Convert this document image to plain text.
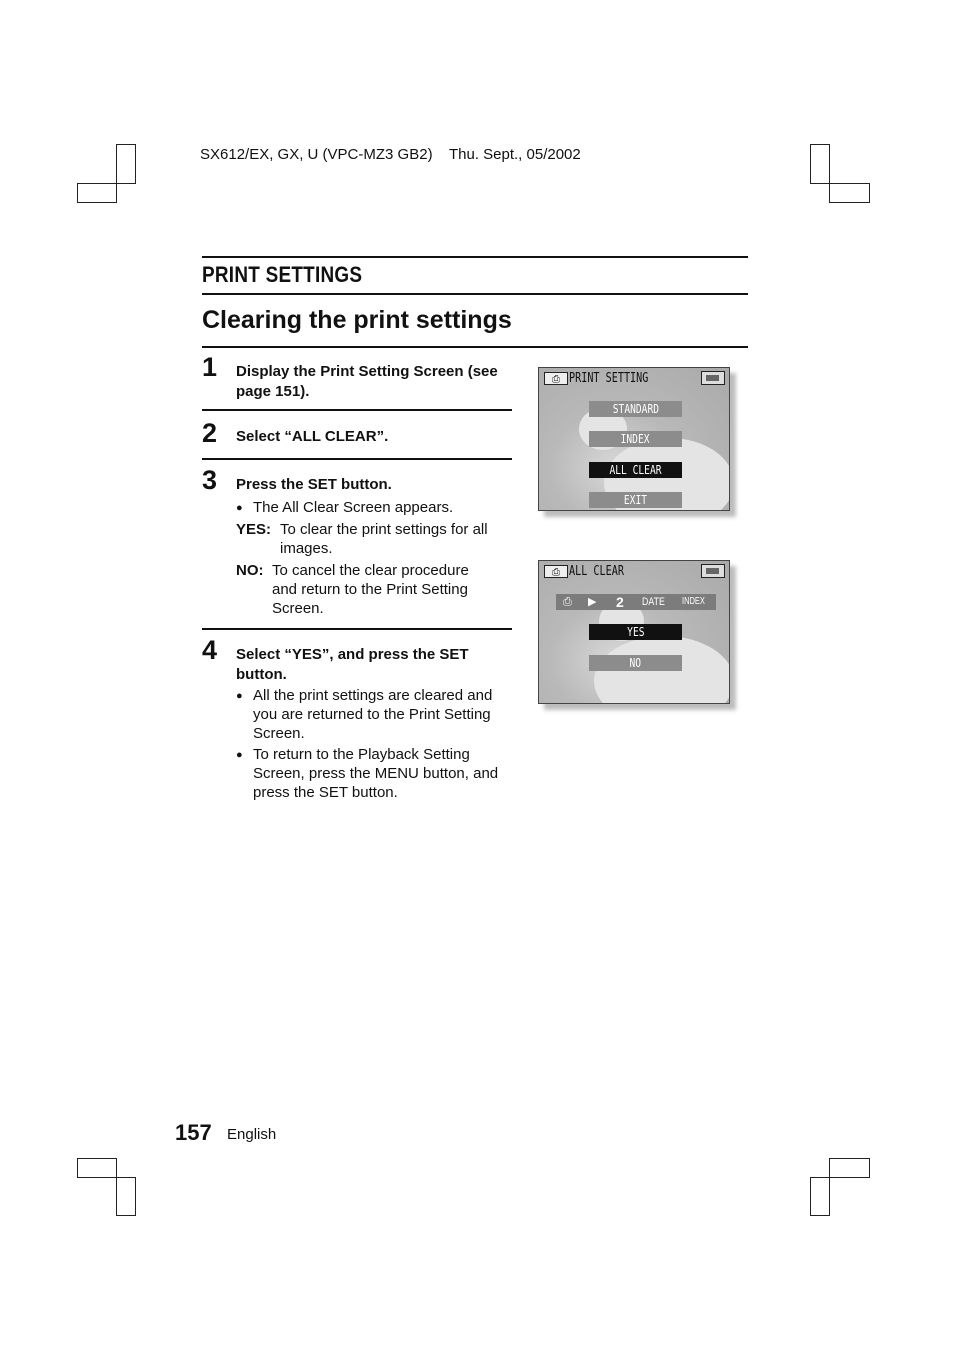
SX612/EX, GX, U (VPC-MZ3 GB2)    Thu. Sept., 05/2002
PRINT SETTINGS
Clearing the print settings
1 Display the Print Setting Screen (see page 151).
2 Select “ALL CLEAR”.
3 Press the SET button.
● The All Clear Screen appears.
YES: To clear the print settings for all images.
NO: To cancel the clear procedure and return to the Print Setting Screen.
4 Select “YES”, and press the SET button.
● All the print settings are cleared and you are returned to the Print Setting Screen.
● To return to the Playback Setting Screen, press the MENU button, and press the SET button.
⎙ PRINT SETTING
STANDARD
INDEX
ALL CLEAR
EXIT
⎙ ALL CLEAR
⎙ ▶ 2 DATE INDEX
YES
NO
157 English
